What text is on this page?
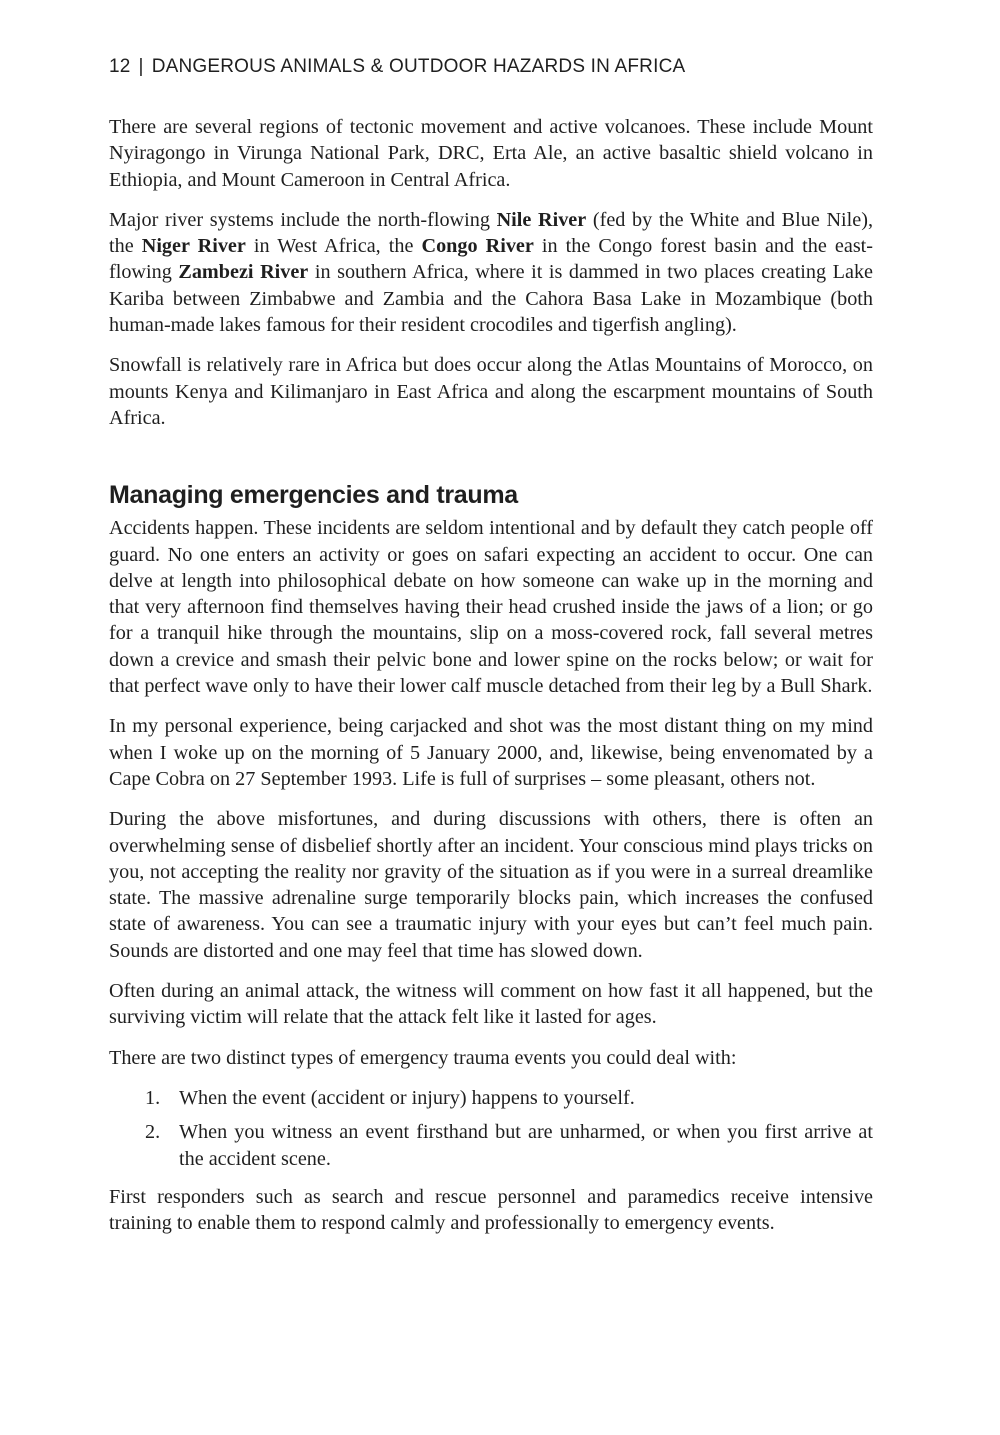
12 | DANGEROUS ANIMALS & OUTDOOR HAZARDS IN AFRICA

There are several regions of tectonic movement and active volcanoes. These include Mount Nyiragongo in Virunga National Park, DRC, Erta Ale, an active basaltic shield volcano in Ethiopia, and Mount Cameroon in Central Africa.

Major river systems include the north-flowing Nile River (fed by the White and Blue Nile), the Niger River in West Africa, the Congo River in the Congo forest basin and the east-flowing Zambezi River in southern Africa, where it is dammed in two places creating Lake Kariba between Zimbabwe and Zambia and the Cahora Basa Lake in Mozambique (both human-made lakes famous for their resident crocodiles and tigerfish angling).

Snowfall is relatively rare in Africa but does occur along the Atlas Mountains of Morocco, on mounts Kenya and Kilimanjaro in East Africa and along the escarpment mountains of South Africa.

Managing emergencies and trauma

Accidents happen. These incidents are seldom intentional and by default they catch people off guard. No one enters an activity or goes on safari expecting an accident to occur. One can delve at length into philosophical debate on how someone can wake up in the morning and that very afternoon find themselves having their head crushed inside the jaws of a lion; or go for a tranquil hike through the mountains, slip on a moss-covered rock, fall several metres down a crevice and smash their pelvic bone and lower spine on the rocks below; or wait for that perfect wave only to have their lower calf muscle detached from their leg by a Bull Shark.

In my personal experience, being carjacked and shot was the most distant thing on my mind when I woke up on the morning of 5 January 2000, and, likewise, being envenomated by a Cape Cobra on 27 September 1993. Life is full of surprises – some pleasant, others not.

During the above misfortunes, and during discussions with others, there is often an overwhelming sense of disbelief shortly after an incident. Your conscious mind plays tricks on you, not accepting the reality nor gravity of the situation as if you were in a surreal dreamlike state. The massive adrenaline surge temporarily blocks pain, which increases the confused state of awareness. You can see a traumatic injury with your eyes but can’t feel much pain. Sounds are distorted and one may feel that time has slowed down.

Often during an animal attack, the witness will comment on how fast it all happened, but the surviving victim will relate that the attack felt like it lasted for ages.

There are two distinct types of emergency trauma events you could deal with:

1. When the event (accident or injury) happens to yourself.
2. When you witness an event firsthand but are unharmed, or when you first arrive at the accident scene.

First responders such as search and rescue personnel and paramedics receive intensive training to enable them to respond calmly and professionally to emergency events.
